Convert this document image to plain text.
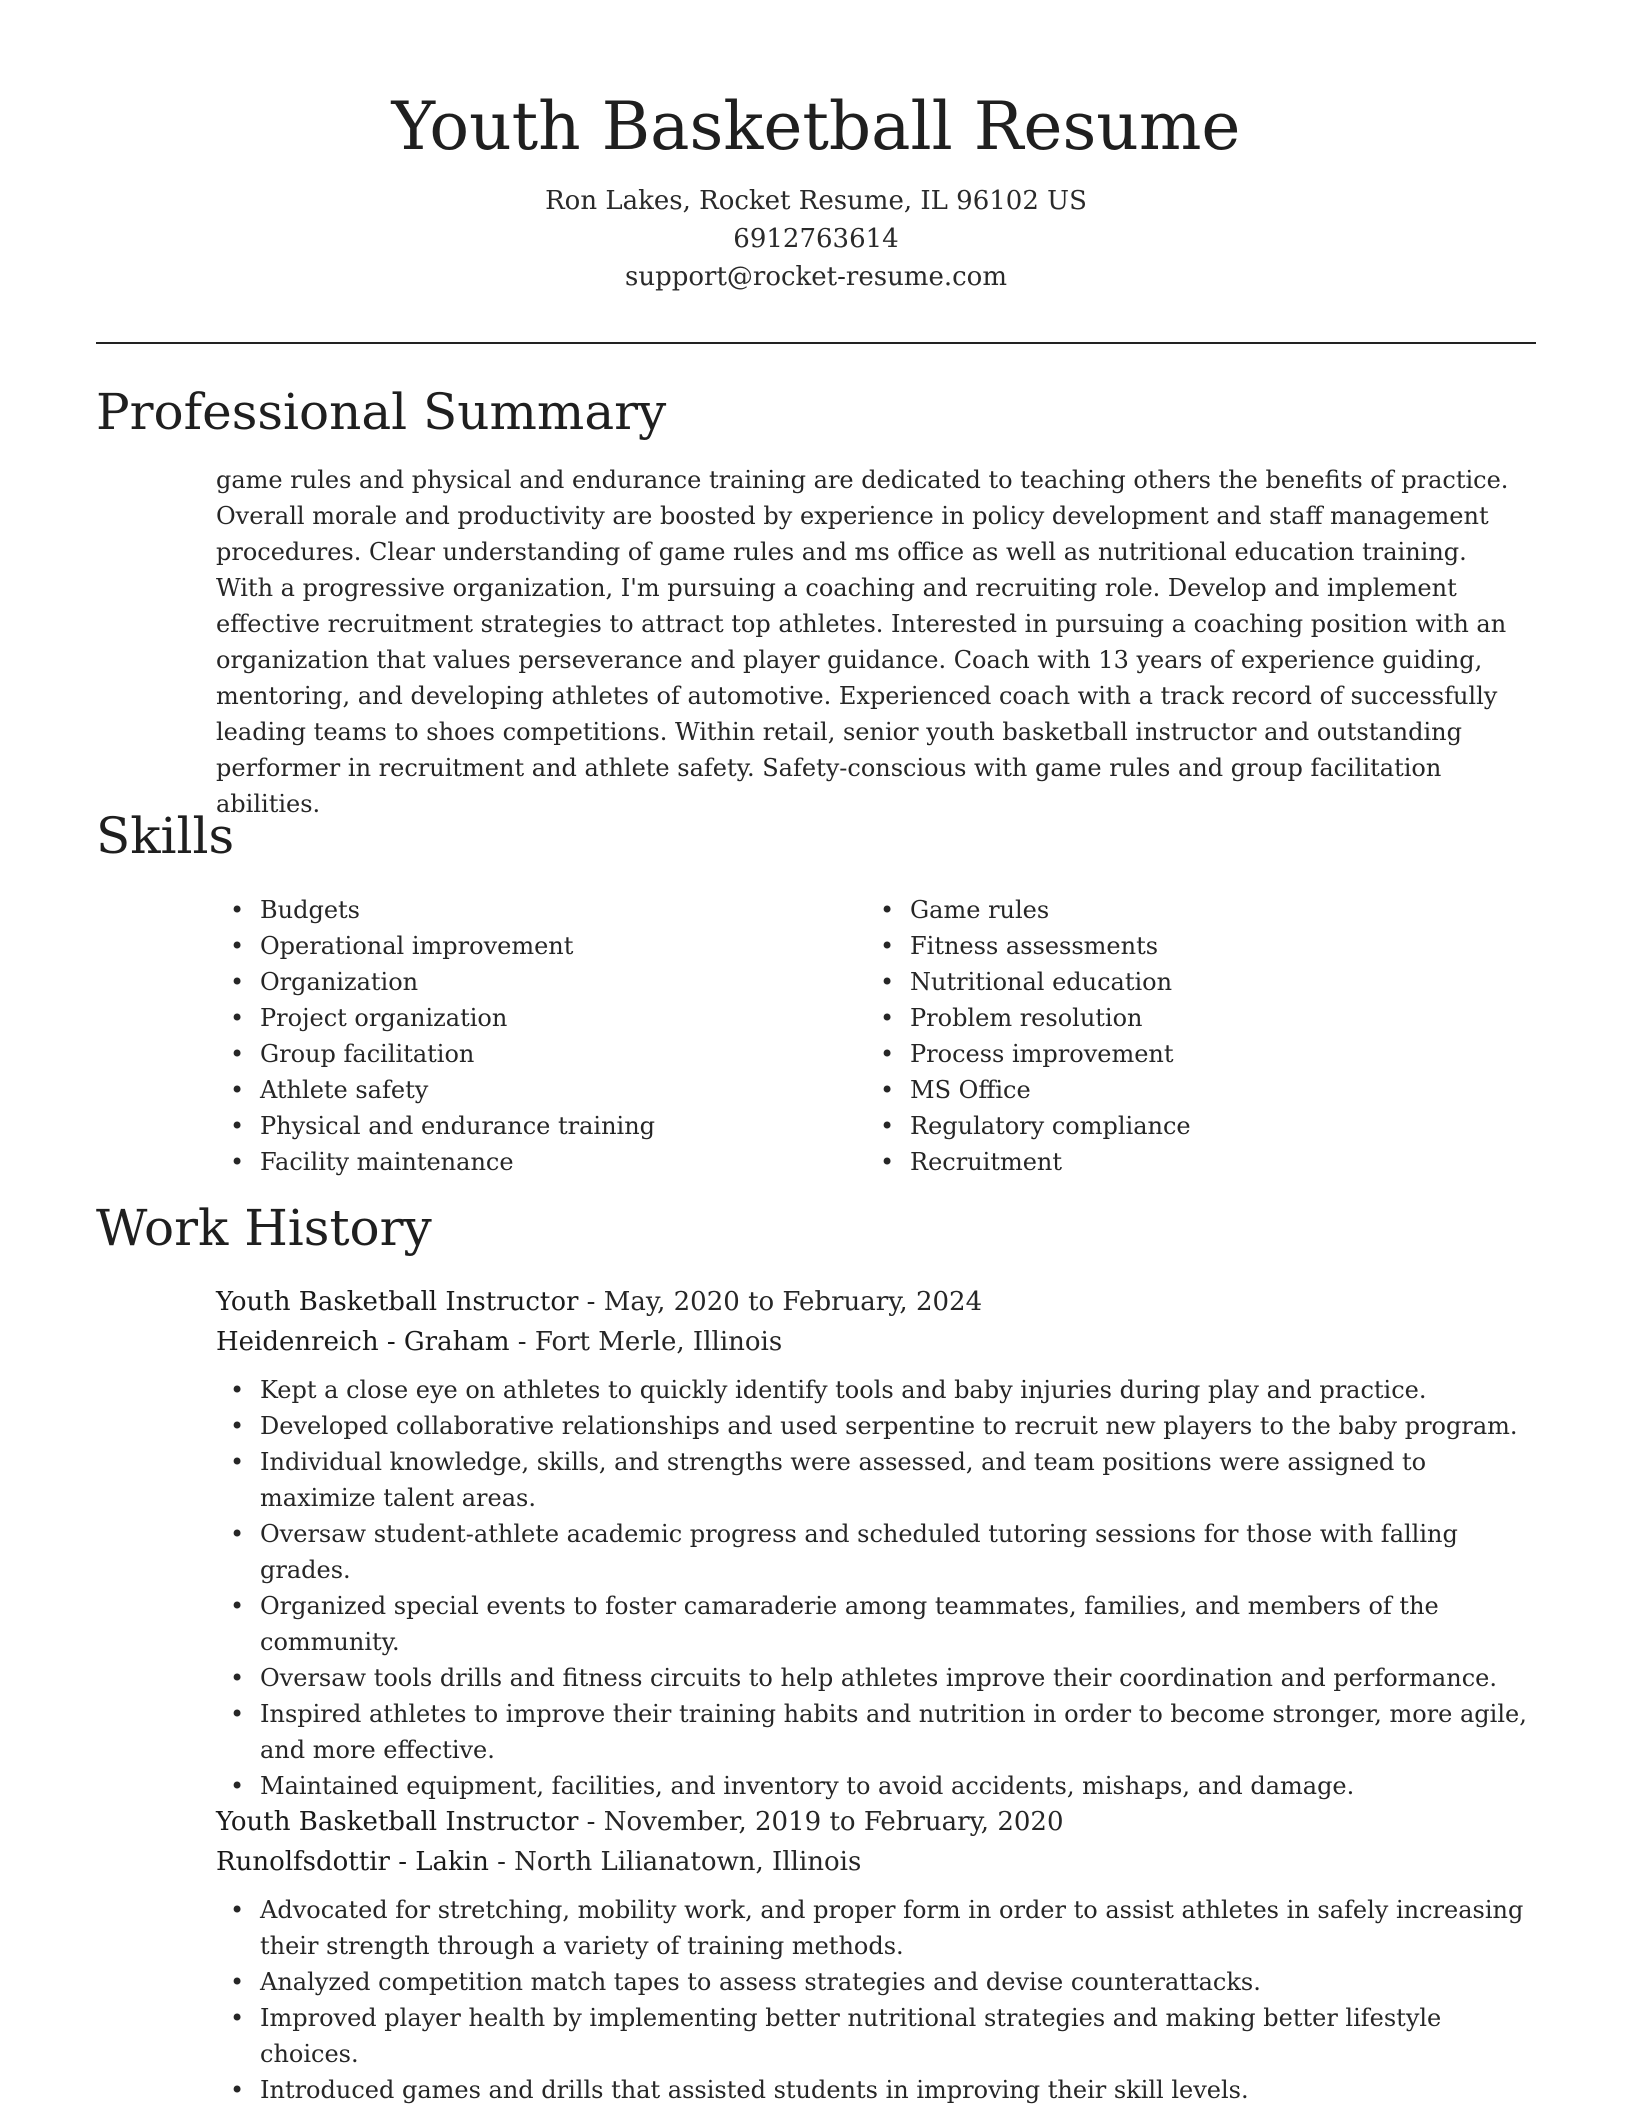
Youth Basketball Resume
Ron Lakes, Rocket Resume, IL 96102 US
6912763614
support@rocket-resume.com
Professional Summary

game rules and physical and endurance training are dedicated to teaching others the benefits of practice. Overall morale and productivity are boosted by experience in policy development and staff management procedures. Clear understanding of game rules and ms office as well as nutritional education training. With a progressive organization, I'm pursuing a coaching and recruiting role. Develop and implement effective recruitment strategies to attract top athletes. Interested in pursuing a coaching position with an organization that values perseverance and player guidance. Coach with 13 years of experience guiding, mentoring, and developing athletes of automotive. Experienced coach with a track record of successfully leading teams to shoes competitions. Within retail, senior youth basketball instructor and outstanding performer in recruitment and athlete safety. Safety-conscious with game rules and group facilitation abilities.

Skills
• Budgets
• Operational improvement
• Organization
• Project organization
• Group facilitation
• Athlete safety
• Physical and endurance training
• Facility maintenance
• Game rules
• Fitness assessments
• Nutritional education
• Problem resolution
• Process improvement
• MS Office
• Regulatory compliance
• Recruitment
Work History
Youth Basketball Instructor - May, 2020 to February, 2024
Heidenreich - Graham - Fort Merle, Illinois
• Kept a close eye on athletes to quickly identify tools and baby injuries during play and practice.
• Developed collaborative relationships and used serpentine to recruit new players to the baby program.
• Individual knowledge, skills, and strengths were assessed, and team positions were assigned to maximize talent areas.
• Oversaw student-athlete academic progress and scheduled tutoring sessions for those with falling grades.
• Organized special events to foster camaraderie among teammates, families, and members of the community.
• Oversaw tools drills and fitness circuits to help athletes improve their coordination and performance.
• Inspired athletes to improve their training habits and nutrition in order to become stronger, more agile, and more effective.
• Maintained equipment, facilities, and inventory to avoid accidents, mishaps, and damage.
Youth Basketball Instructor - November, 2019 to February, 2020
Runolfsdottir - Lakin - North Lilianatown, Illinois
• Advocated for stretching, mobility work, and proper form in order to assist athletes in safely increasing their strength through a variety of training methods.
• Analyzed competition match tapes to assess strategies and devise counterattacks.
• Improved player health by implementing better nutritional strategies and making better lifestyle choices.
• Introduced games and drills that assisted students in improving their skill levels.
